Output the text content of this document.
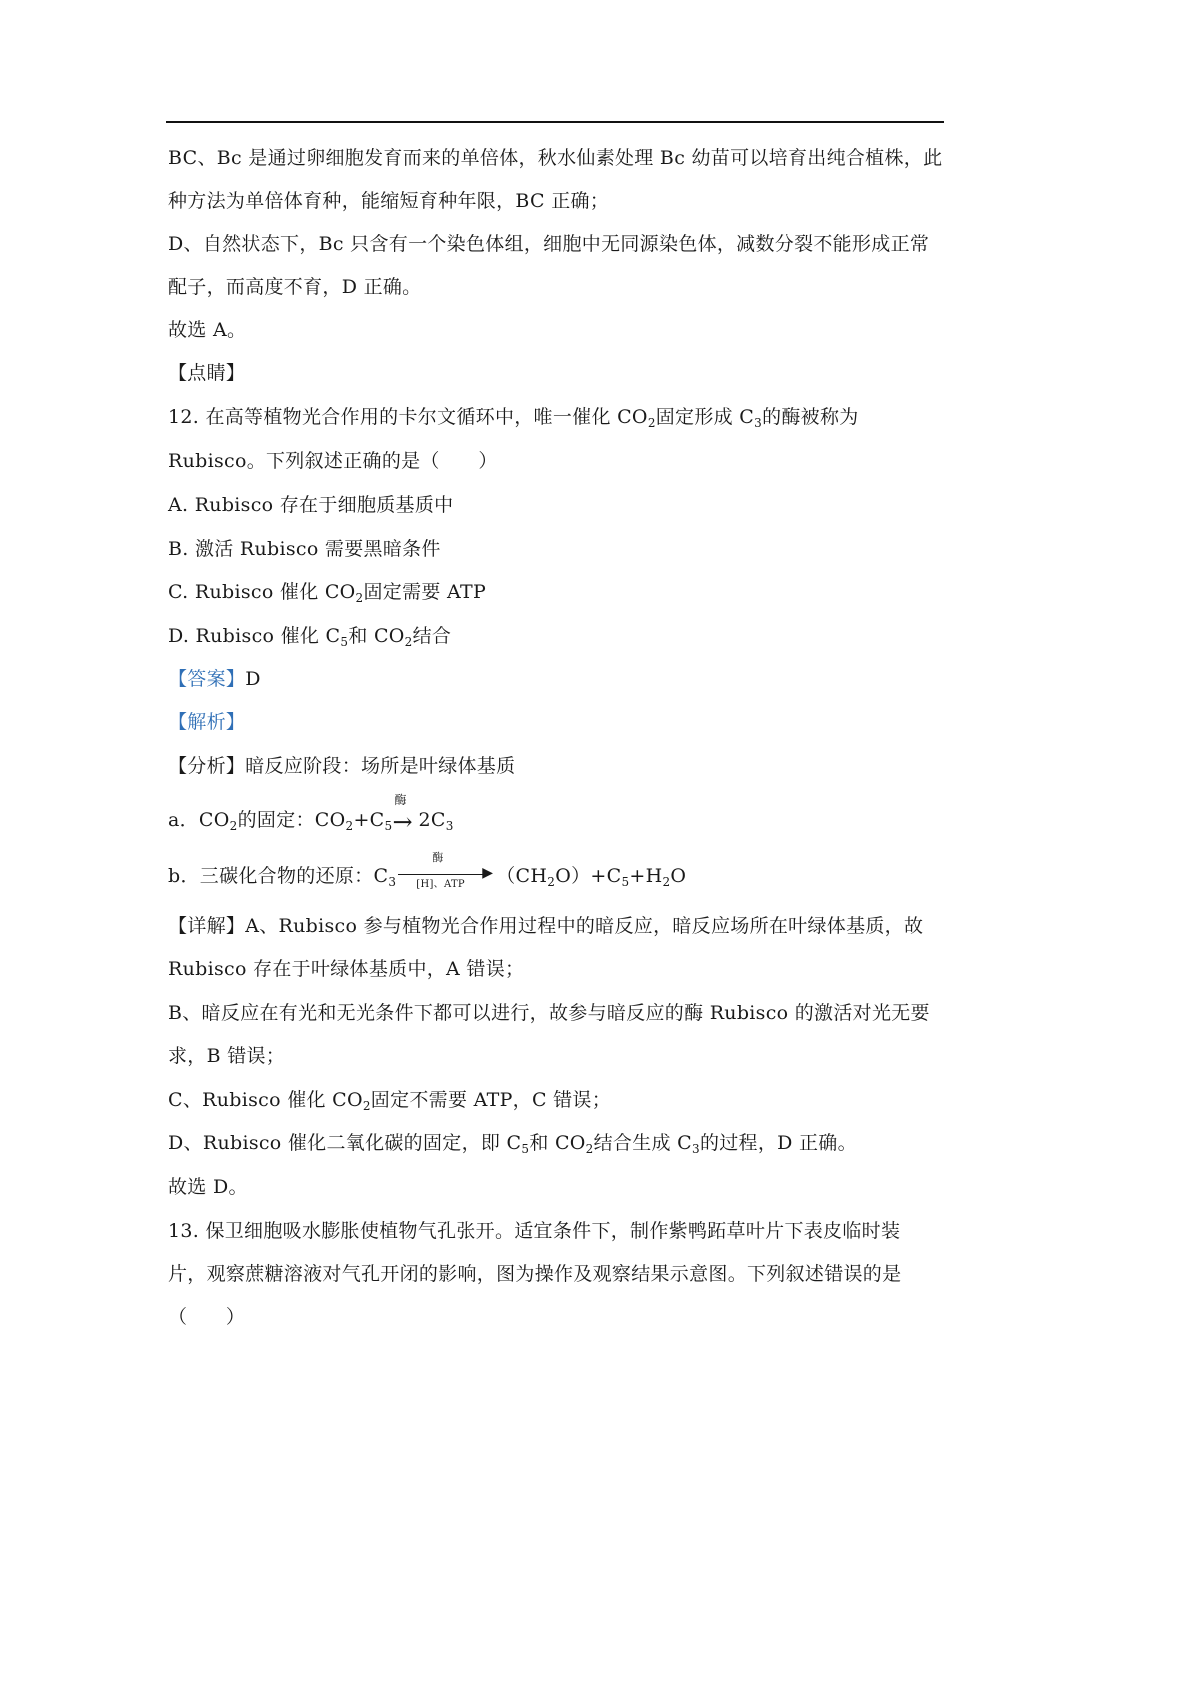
BC、Bc 是通过卵细胞发育而来的单倍体，秋水仙素处理 Bc 幼苗可以培育出纯合植株，此
种方法为单倍体育种，能缩短育种年限，BC 正确；
D、自然状态下，Bc 只含有一个染色体组，细胞中无同源染色体，减数分裂不能形成正常
配子，而高度不育，D 正确。
故选 A。
【点睛】
12. 在高等植物光合作用的卡尔文循环中，唯一催化 $CO_2$固定形成 $C_3$的酶被称为
Rubisco。下列叙述正确的是（　　）
A. Rubisco 存在于细胞质基质中
B. 激活 Rubisco 需要黑暗条件
C. Rubisco 催化 $CO_2$固定需要 ATP
D. Rubisco 催化 $C_5$和 $CO_2$结合
【答案】D
【解析】
【分析】暗反应阶段：场所是叶绿体基质
a．$CO_2$的固定：$CO_2+C_5$
酶
→ $2C_3$
b．三碳化合物的还原：$C_3$
酶
▶
[H]、ATP $(CH_2O)+C_5+H_2O$
【详解】A、Rubisco 参与植物光合作用过程中的暗反应，暗反应场所在叶绿体基质，故
Rubisco 存在于叶绿体基质中，A 错误；
B、暗反应在有光和无光条件下都可以进行，故参与暗反应的酶 Rubisco 的激活对光无要
求，B 错误；
C、Rubisco 催化 $CO_2$固定不需要 ATP，C 错误；
D、Rubisco 催化二氧化碳的固定，即 $C_5$和 $CO_2$结合生成 $C_3$的过程，D 正确。
故选 D。
13. 保卫细胞吸水膨胀使植物气孔张开。适宜条件下，制作紫鸭跖草叶片下表皮临时装
片，观察蔗糖溶液对气孔开闭的影响，图为操作及观察结果示意图。下列叙述错误的是
（　　）
